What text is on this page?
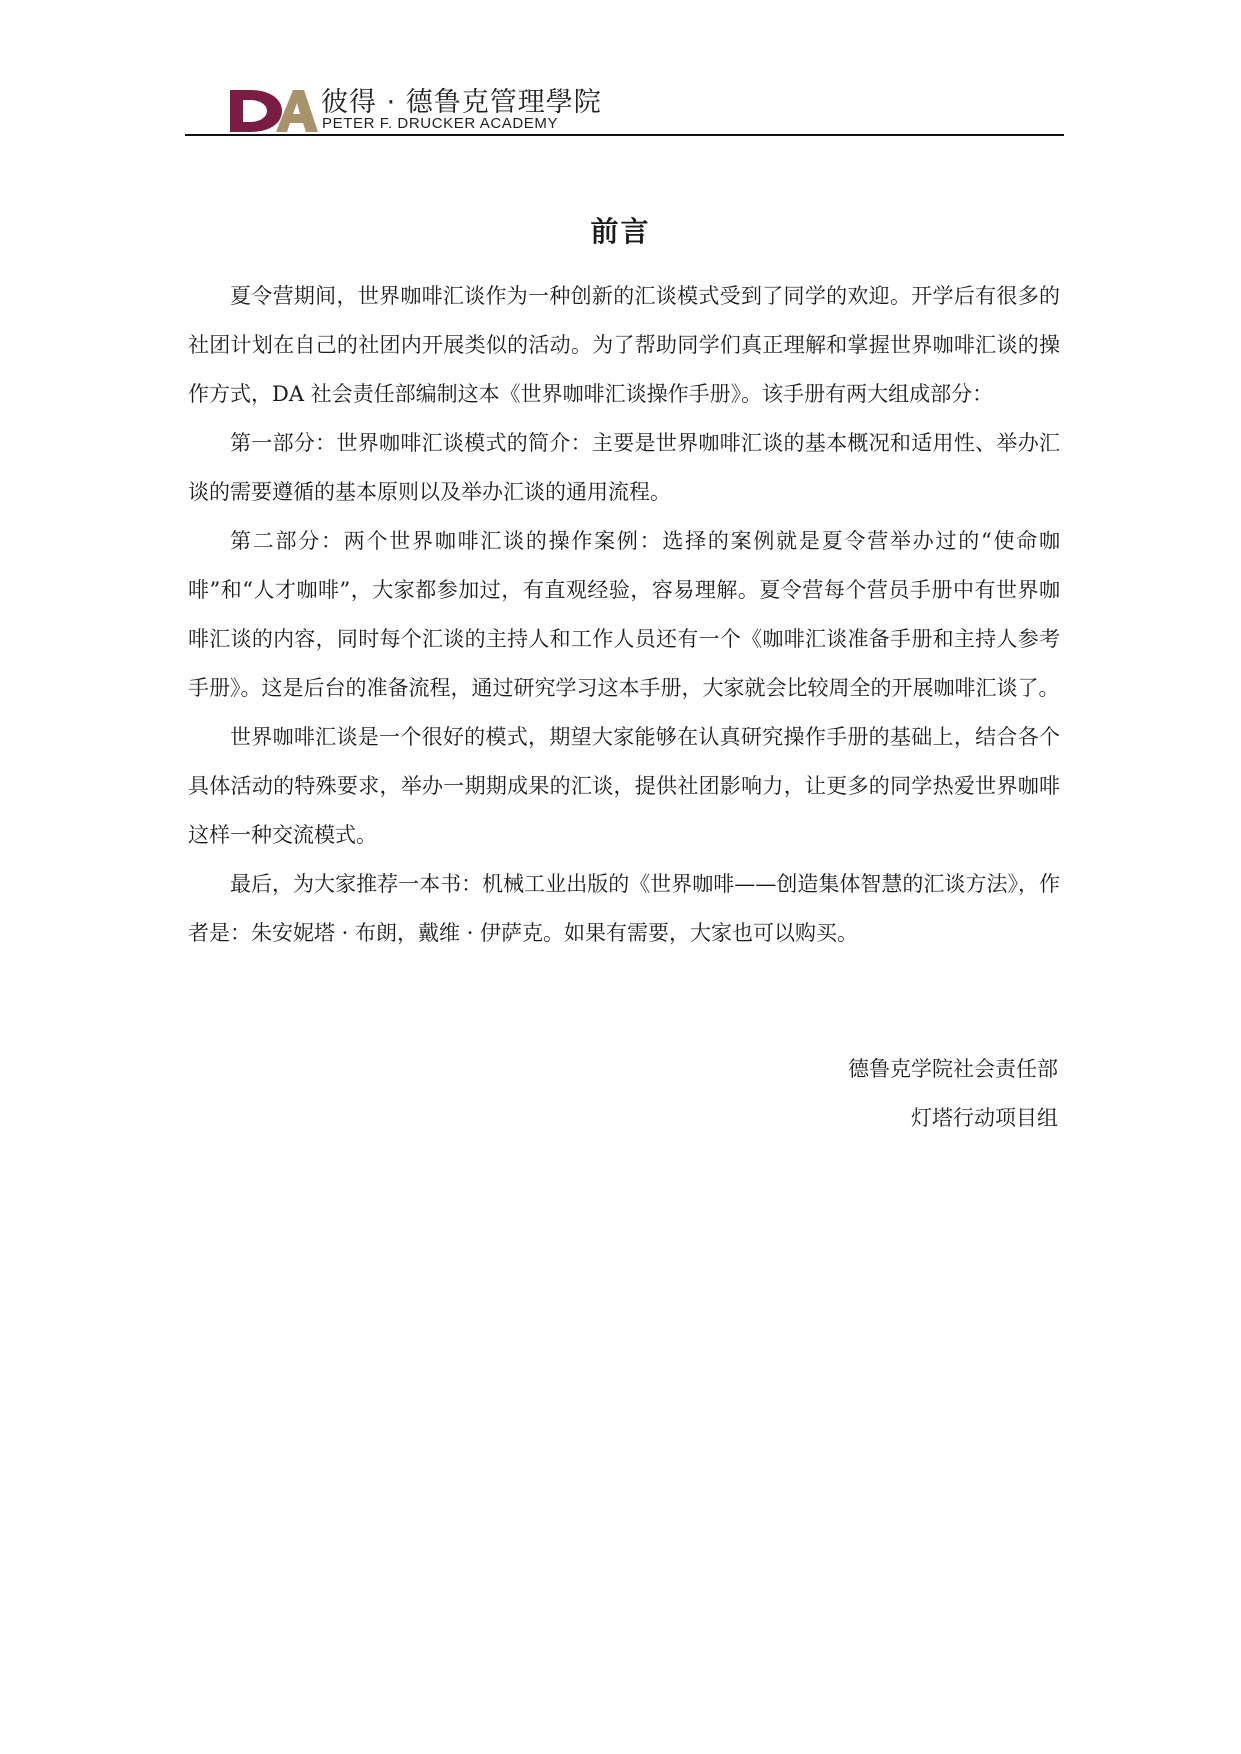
彼得 · 德鲁克管理學院
PETER F. DRUCKER ACADEMY
前言

夏令营期间，世界咖啡汇谈作为一种创新的汇谈模式受到了同学的欢迎。开学后有很多的社团计划在自己的社团内开展类似的活动。为了帮助同学们真正理解和掌握世界咖啡汇谈的操作方式，DA 社会责任部编制这本《世界咖啡汇谈操作手册》。该手册有两大组成部分：

第一部分：世界咖啡汇谈模式的简介：主要是世界咖啡汇谈的基本概况和适用性、举办汇谈的需要遵循的基本原则以及举办汇谈的通用流程。

第二部分：两个世界咖啡汇谈的操作案例：选择的案例就是夏令营举办过的“使命咖啡”和“人才咖啡”，大家都参加过，有直观经验，容易理解。夏令营每个营员手册中有世界咖啡汇谈的内容，同时每个汇谈的主持人和工作人员还有一个《咖啡汇谈准备手册和主持人参考手册》。这是后台的准备流程，通过研究学习这本手册，大家就会比较周全的开展咖啡汇谈了。

世界咖啡汇谈是一个很好的模式，期望大家能够在认真研究操作手册的基础上，结合各个具体活动的特殊要求，举办一期期成果的汇谈，提供社团影响力，让更多的同学热爱世界咖啡这样一种交流模式。

最后，为大家推荐一本书：机械工业出版的《世界咖啡——创造集体智慧的汇谈方法》，作者是：朱安妮塔 · 布朗，戴维 · 伊萨克。如果有需要，大家也可以购买。

德鲁克学院社会责任部
灯塔行动项目组
